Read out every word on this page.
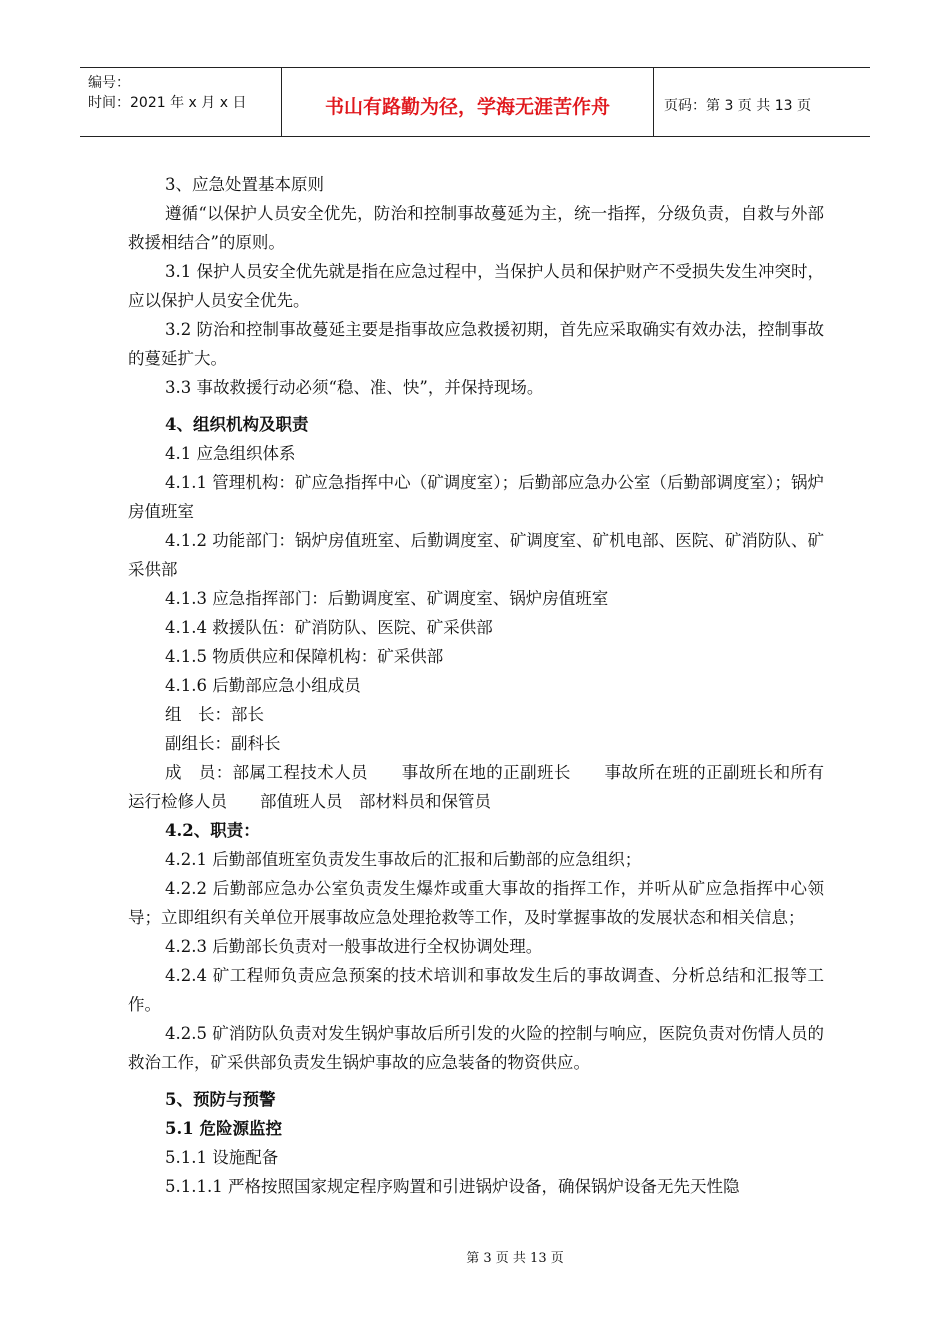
编号：
时间：2021 年 x 月 x 日	书山有路勤为径，学海无涯苦作舟	页码：第 3 页 共 13 页

3、应急处置基本原则

遵循“以保护人员安全优先，防治和控制事故蔓延为主，统一指挥，分级负责，自救与外部救援相结合”的原则。

3.1 保护人员安全优先就是指在应急过程中，当保护人员和保护财产不受损失发生冲突时，应以保护人员安全优先。

3.2 防治和控制事故蔓延主要是指事故应急救援初期，首先应采取确实有效办法，控制事故的蔓延扩大。

3.3 事故救援行动必须“稳、准、快”，并保持现场。

4、组织机构及职责

4.1 应急组织体系

4.1.1 管理机构：矿应急指挥中心（矿调度室）；后勤部应急办公室（后勤部调度室）；锅炉房值班室

4.1.2 功能部门：锅炉房值班室、后勤调度室、矿调度室、矿机电部、医院、矿消防队、矿采供部

4.1.3 应急指挥部门：后勤调度室、矿调度室、锅炉房值班室

4.1.4 救援队伍：矿消防队、医院、矿采供部

4.1.5 物质供应和保障机构：矿采供部

4.1.6 后勤部应急小组成员

组　长：部长

副组长：副科长

成　员：部属工程技术人员　　事故所在地的正副班长　　事故所在班的正副班长和所有运行检修人员　　部值班人员　部材料员和保管员

4.2、职责：

4.2.1 后勤部值班室负责发生事故后的汇报和后勤部的应急组织；

4.2.2 后勤部应急办公室负责发生爆炸或重大事故的指挥工作，并听从矿应急指挥中心领导；立即组织有关单位开展事故应急处理抢救等工作，及时掌握事故的发展状态和相关信息；

4.2.3 后勤部长负责对一般事故进行全权协调处理。

4.2.4 矿工程师负责应急预案的技术培训和事故发生后的事故调查、分析总结和汇报等工作。

4.2.5 矿消防队负责对发生锅炉事故后所引发的火险的控制与响应，医院负责对伤情人员的救治工作，矿采供部负责发生锅炉事故的应急装备的物资供应。

5、预防与预警

5.1 危险源监控

5.1.1 设施配备

5.1.1.1 严格按照国家规定程序购置和引进锅炉设备，确保锅炉设备无先天性隐

第 3 页 共 13 页
